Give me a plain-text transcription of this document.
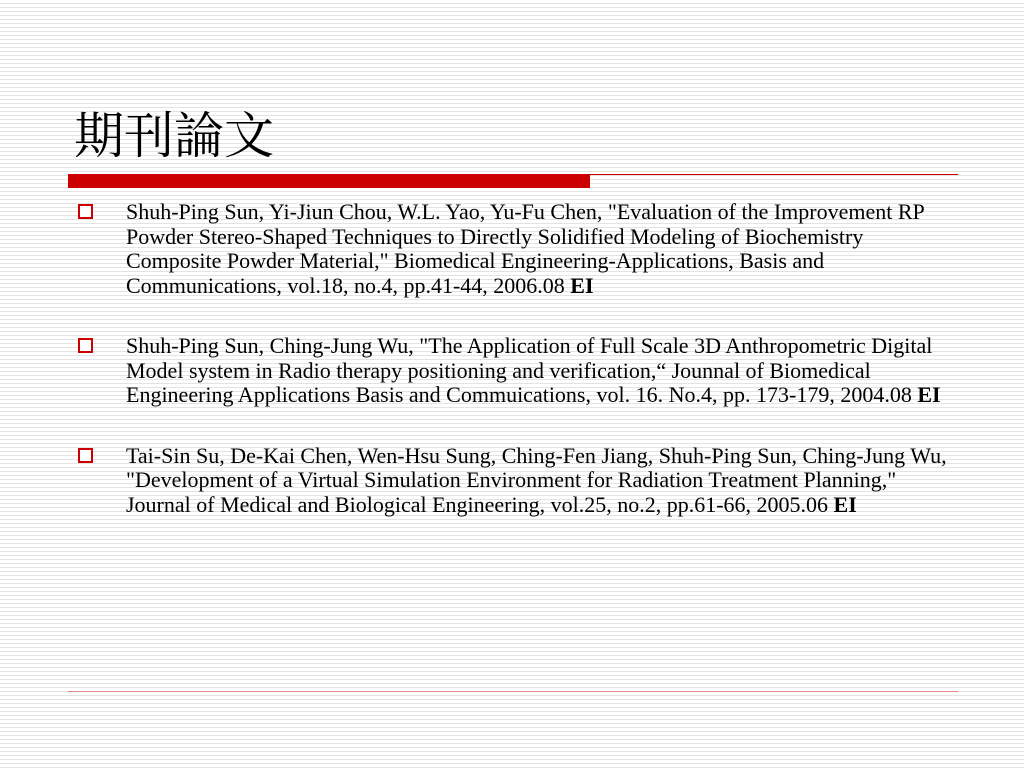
期刊論文
Shuh-Ping Sun, Yi-Jiun Chou, W.L. Yao, Yu-Fu Chen, "Evaluation of the Improvement RP Powder Stereo-Shaped Techniques to Directly Solidified Modeling of Biochemistry Composite Powder Material," Biomedical Engineering-Applications, Basis and Communications, vol.18, no.4, pp.41-44, 2006.08 EI
Shuh-Ping Sun, Ching-Jung Wu, "The Application of Full Scale 3D Anthropometric Digital Model system in Radio therapy positioning and verification,“ Jounnal of Biomedical Engineering Applications Basis and Commuications, vol. 16. No.4, pp. 173-179, 2004.08 EI
Tai-Sin Su, De-Kai Chen, Wen-Hsu Sung, Ching-Fen Jiang, Shuh-Ping Sun, Ching-Jung Wu, "Development of a Virtual Simulation Environment for Radiation Treatment Planning," Journal of Medical and Biological Engineering, vol.25, no.2, pp.61-66, 2005.06 EI
